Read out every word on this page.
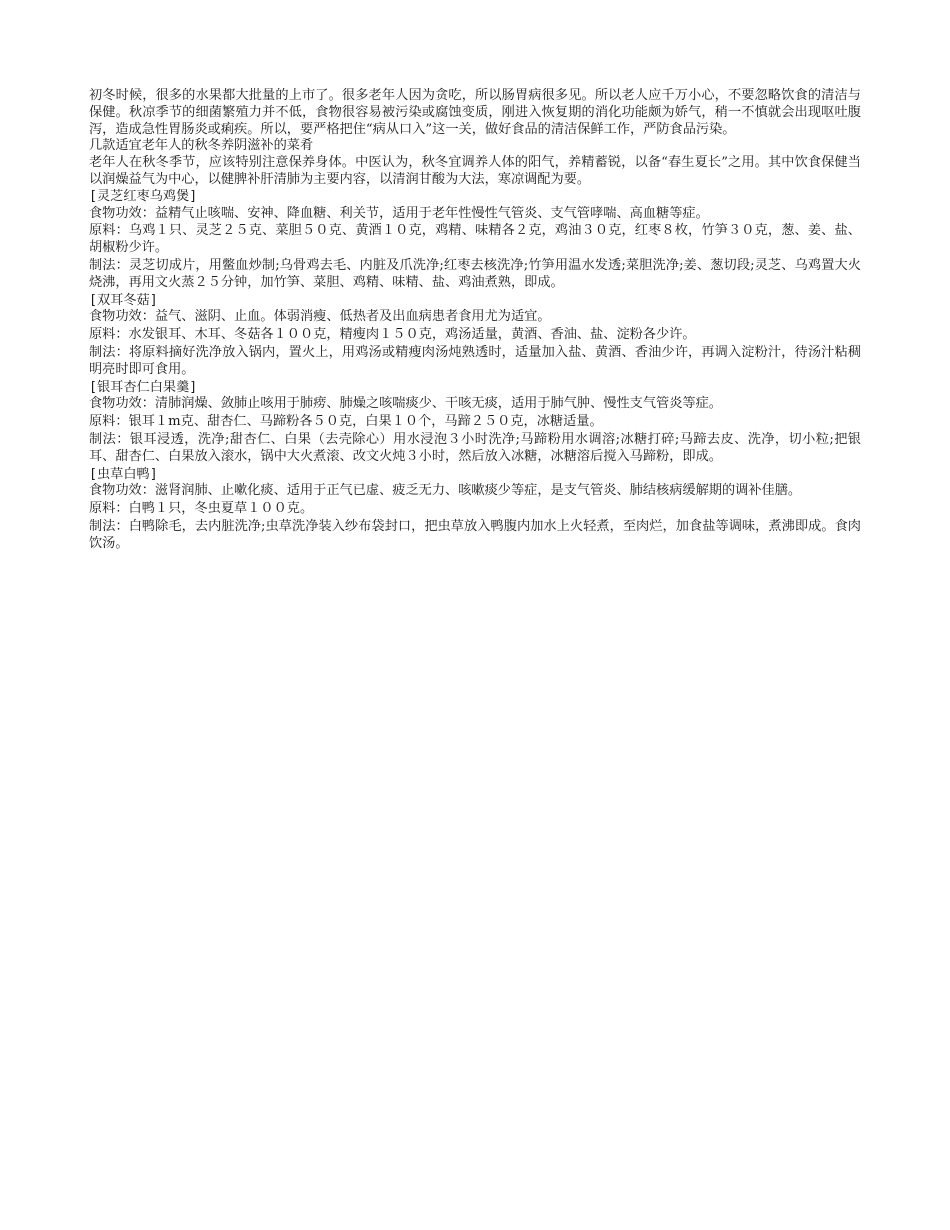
初冬时候，很多的水果都大批量的上市了。很多老年人因为贪吃，所以肠胃病很多见。所以老人应千万小心，不要忽略饮食的清洁与保健。秋凉季节的细菌繁殖力并不低，食物很容易被污染或腐蚀变质，刚进入恢复期的消化功能颇为娇气，稍一不慎就会出现呕吐腹泻，造成急性胃肠炎或痢疾。所以，要严格把住“病从口入”这一关，做好食品的清洁保鲜工作，严防食品污染。

几款适宜老年人的秋冬养阴滋补的菜肴

老年人在秋冬季节，应该特别注意保养身体。中医认为，秋冬宜调养人体的阳气，养精蓄锐，以备“春生夏长”之用。其中饮食保健当以润燥益气为中心，以健脾补肝清肺为主要内容，以清润甘酸为大法，寒凉调配为要。

[灵芝红枣乌鸡煲]

食物功效：益精气止咳喘、安神、降血糖、利关节，适用于老年性慢性气管炎、支气管哮喘、高血糖等症。

原料：乌鸡１只、灵芝２５克、菜胆５０克、黄酒１０克，鸡精、味精各２克，鸡油３０克，红枣８枚，竹笋３０克，葱、姜、盐、胡椒粉少许。

制法：灵芝切成片，用鳖血炒制;乌骨鸡去毛、内脏及爪洗净;红枣去核洗净;竹笋用温水发透;菜胆洗净;姜、葱切段;灵芝、乌鸡置大火烧沸，再用文火蒸２５分钟，加竹笋、菜胆、鸡精、味精、盐、鸡油煮熟，即成。

[双耳冬菇]

食物功效：益气、滋阴、止血。体弱消瘦、低热者及出血病患者食用尤为适宜。

原料：水发银耳、木耳、冬菇各１００克，精瘦肉１５０克，鸡汤适量，黄酒、香油、盐、淀粉各少许。

制法：将原料摘好洗净放入锅内，置火上，用鸡汤或精瘦肉汤炖熟透时，适量加入盐、黄酒、香油少许，再调入淀粉汁，待汤汁粘稠明亮时即可食用。

[银耳杏仁白果羹]

食物功效：清肺润燥、敛肺止咳用于肺痨、肺燥之咳喘痰少、干咳无痰，适用于肺气肿、慢性支气管炎等症。

原料：银耳１m克、甜杏仁、马蹄粉各５０克，白果１０个，马蹄２５０克，冰糖适量。

制法：银耳浸透，洗净;甜杏仁、白果（去壳除心）用水浸泡３小时洗净;马蹄粉用水调溶;冰糖打碎;马蹄去皮、洗净，切小粒;把银耳、甜杏仁、白果放入滚水，锅中大火煮滚、改文火炖３小时，然后放入冰糖，冰糖溶后搅入马蹄粉，即成。

[虫草白鸭]

食物功效：滋肾润肺、止嗽化痰、适用于正气已虚、疲乏无力、咳嗽痰少等症，是支气管炎、肺结核病缓解期的调补佳膳。

原料：白鸭１只，冬虫夏草１００克。

制法：白鸭除毛，去内脏洗净;虫草洗净装入纱布袋封口，把虫草放入鸭腹内加水上火轻煮，至肉烂，加食盐等调味，煮沸即成。食肉饮汤。
